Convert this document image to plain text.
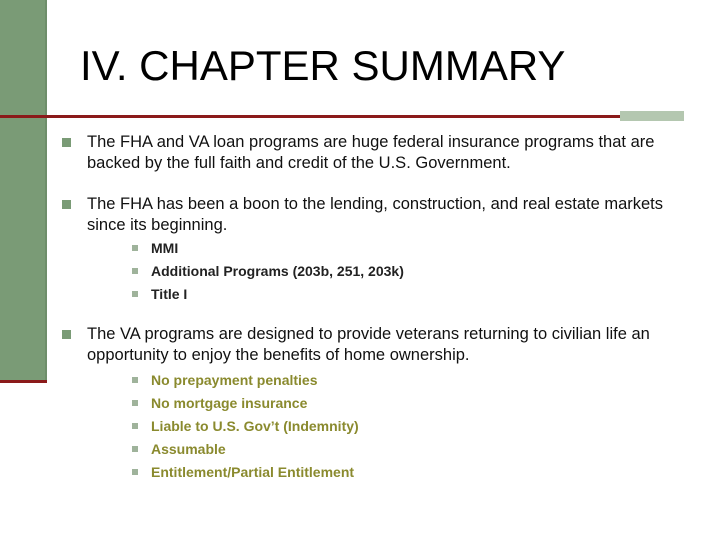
IV. CHAPTER SUMMARY
The FHA and VA loan programs are huge federal insurance programs that are backed by the full faith and credit of the U.S. Government.
The FHA has been a boon to the lending, construction, and real estate markets since its beginning.
MMI
Additional Programs (203b, 251, 203k)
Title I
The VA programs are designed to provide veterans returning to civilian life an opportunity to enjoy the benefits of home ownership.
No prepayment penalties
No mortgage insurance
Liable to U.S. Gov’t (Indemnity)
Assumable
Entitlement/Partial Entitlement
